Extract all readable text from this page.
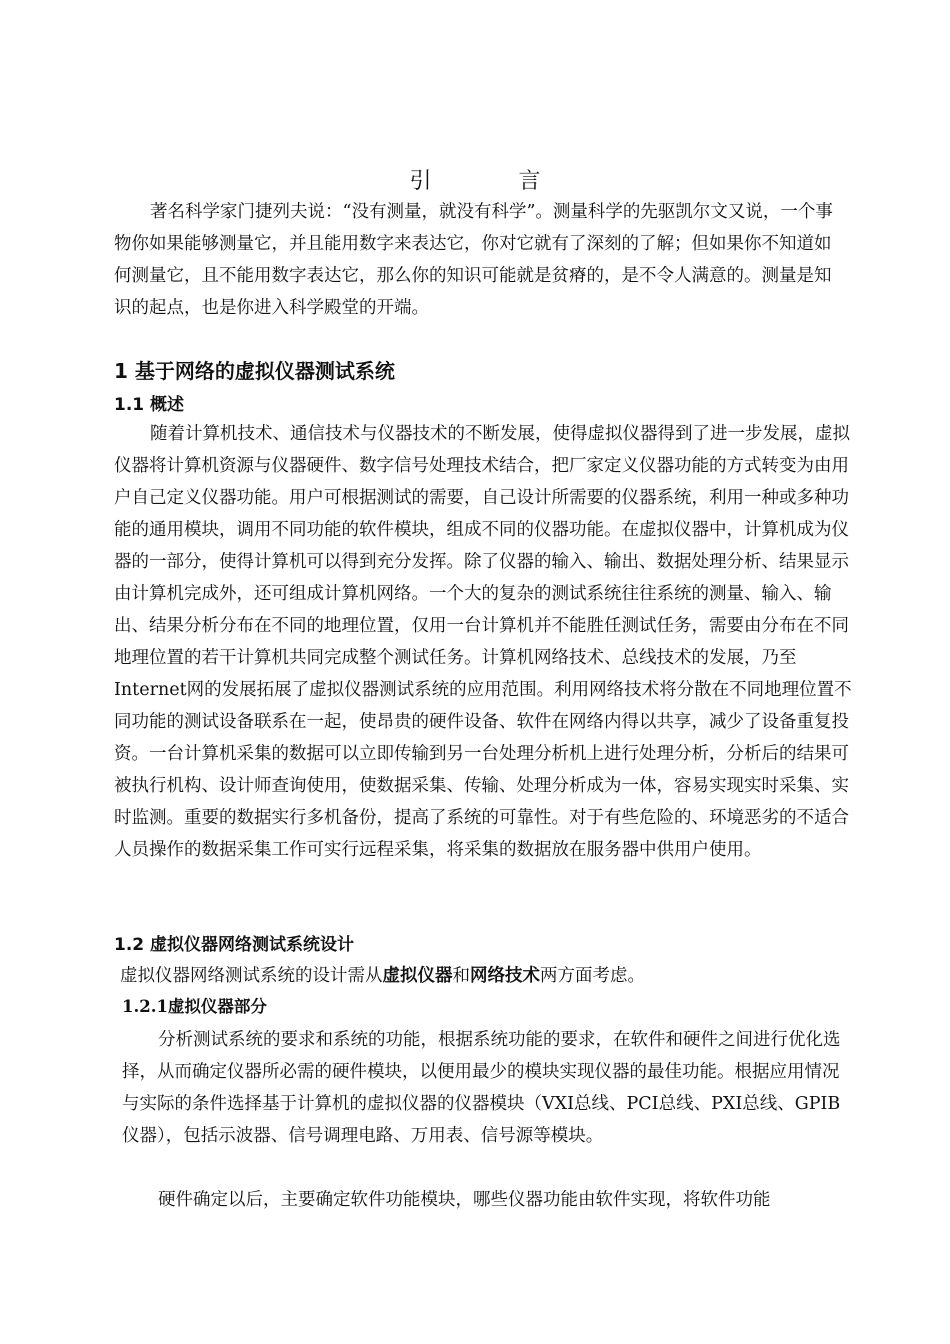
引 言

著名科学家门捷列夫说：“没有测量，就没有科学”。测量科学的先驱凯尔文又说，一个事物你如果能够测量它，并且能用数字来表达它，你对它就有了深刻的了解；但如果你不知道如何测量它，且不能用数字表达它，那么你的知识可能就是贫瘠的，是不令人满意的。测量是知识的起点，也是你进入科学殿堂的开端。

1 基于网络的虚拟仪器测试系统
1.1 概述

随着计算机技术、通信技术与仪器技术的不断发展，使得虚拟仪器得到了进一步发展，虚拟仪器将计算机资源与仪器硬件、数字信号处理技术结合，把厂家定义仪器功能的方式转变为由用户自己定义仪器功能。用户可根据测试的需要，自己设计所需要的仪器系统，利用一种或多种功能的通用模块，调用不同功能的软件模块，组成不同的仪器功能。在虚拟仪器中，计算机成为仪器的一部分，使得计算机可以得到充分发挥。除了仪器的输入、输出、数据处理分析、结果显示由计算机完成外，还可组成计算机网络。一个大的复杂的测试系统往往系统的测量、输入、输出、结果分析分布在不同的地理位置，仅用一台计算机并不能胜任测试任务，需要由分布在不同地理位置的若干计算机共同完成整个测试任务。计算机网络技术、总线技术的发展，乃至Internet网的发展拓展了虚拟仪器测试系统的应用范围。利用网络技术将分散在不同地理位置不同功能的测试设备联系在一起，使昂贵的硬件设备、软件在网络内得以共享，减少了设备重复投资。一台计算机采集的数据可以立即传输到另一台处理分析机上进行处理分析，分析后的结果可被执行机构、设计师查询使用，使数据采集、传输、处理分析成为一体，容易实现实时采集、实时监测。重要的数据实行多机备份，提高了系统的可靠性。对于有些危险的、环境恶劣的不适合人员操作的数据采集工作可实行远程采集，将采集的数据放在服务器中供用户使用。

1.2 虚拟仪器网络测试系统设计

虚拟仪器网络测试系统的设计需从虚拟仪器和网络技术两方面考虑。

1.2.1虚拟仪器部分

分析测试系统的要求和系统的功能，根据系统功能的要求，在软件和硬件之间进行优化选择，从而确定仪器所必需的硬件模块，以便用最少的模块实现仪器的最佳功能。根据应用情况与实际的条件选择基于计算机的虚拟仪器的仪器模块（VXI总线、PCI总线、PXI总线、GPIB仪器），包括示波器、信号调理电路、万用表、信号源等模块。

硬件确定以后，主要确定软件功能模块，哪些仪器功能由软件实现，将软件功能
